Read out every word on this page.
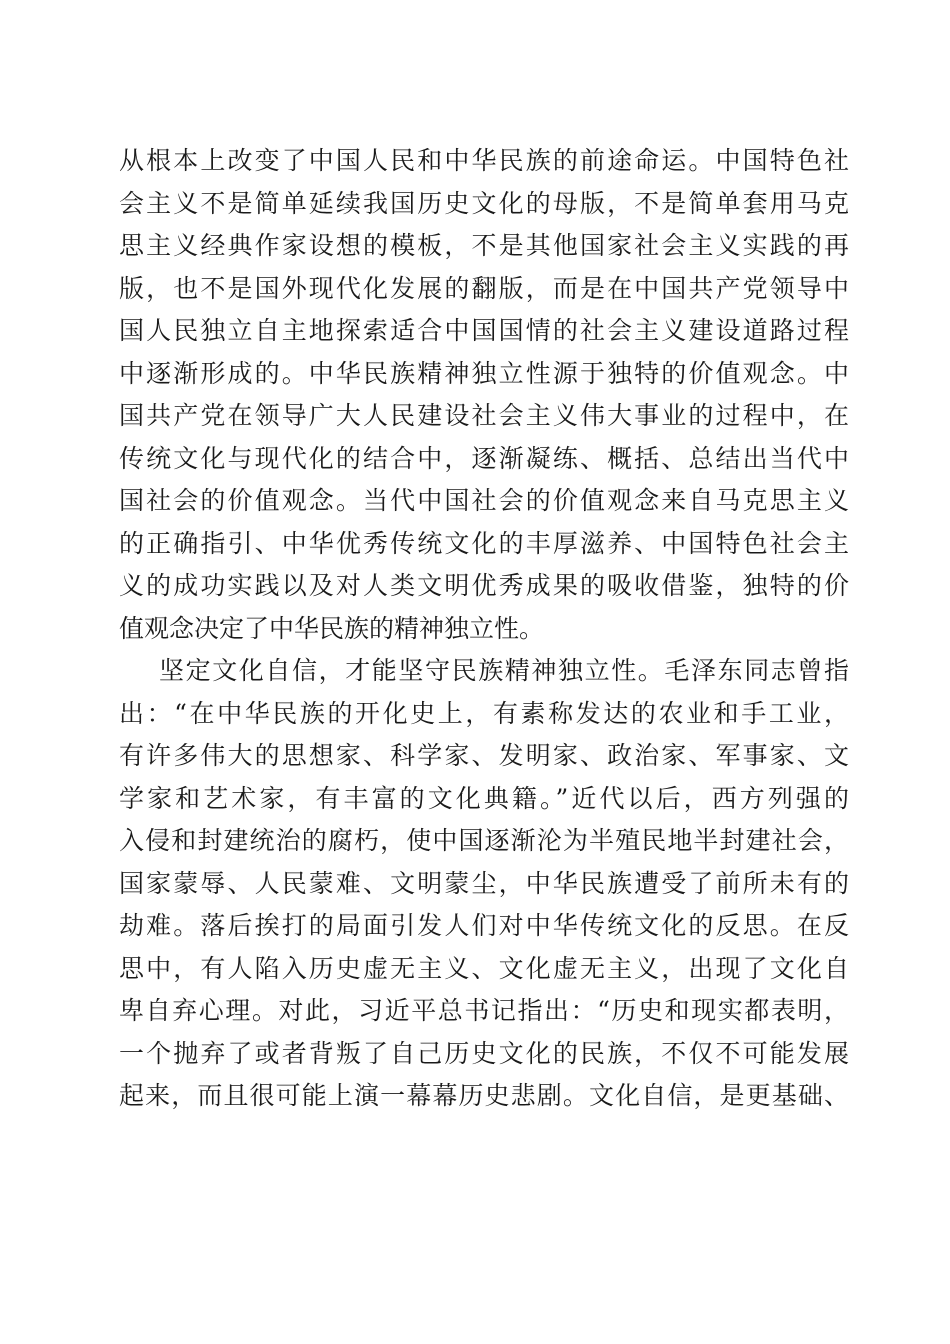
从根本上改变了中国人民和中华民族的前途命运。中国特色社
会主义不是简单延续我国历史文化的母版，不是简单套用马克
思主义经典作家设想的模板，不是其他国家社会主义实践的再
版，也不是国外现代化发展的翻版，而是在中国共产党领导中
国人民独立自主地探索适合中国国情的社会主义建设道路过程
中逐渐形成的。中华民族精神独立性源于独特的价值观念。中
国共产党在领导广大人民建设社会主义伟大事业的过程中，在
传统文化与现代化的结合中，逐渐凝练、概括、总结出当代中
国社会的价值观念。当代中国社会的价值观念来自马克思主义
的正确指引、中华优秀传统文化的丰厚滋养、中国特色社会主
义的成功实践以及对人类文明优秀成果的吸收借鉴，独特的价
值观念决定了中华民族的精神独立性。
坚定文化自信，才能坚守民族精神独立性。毛泽东同志曾指
出：“在中华民族的开化史上，有素称发达的农业和手工业，
有许多伟大的思想家、科学家、发明家、政治家、军事家、文
学家和艺术家，有丰富的文化典籍。”近代以后，西方列强的
入侵和封建统治的腐朽，使中国逐渐沦为半殖民地半封建社会，
国家蒙辱、人民蒙难、文明蒙尘，中华民族遭受了前所未有的
劫难。落后挨打的局面引发人们对中华传统文化的反思。在反
思中，有人陷入历史虚无主义、文化虚无主义，出现了文化自
卑自弃心理。对此，习近平总书记指出：“历史和现实都表明，
一个抛弃了或者背叛了自己历史文化的民族，不仅不可能发展
起来，而且很可能上演一幕幕历史悲剧。文化自信，是更基础、
